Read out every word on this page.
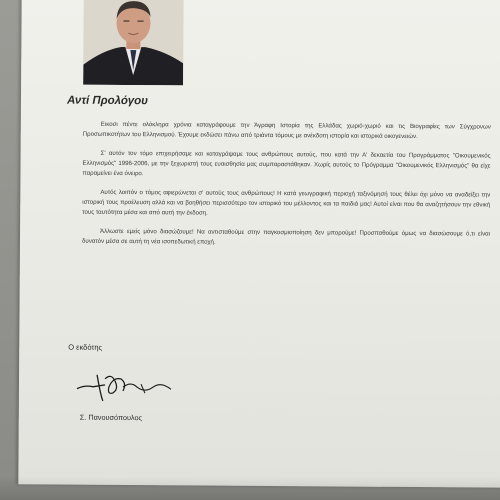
Αντί Προλόγου

Εικοσι πέντε ολόκληρα χρόνια καταγράφουμε την Άγραφη Ιστορία της Ελλάδας χωριό-χωριό και τις Βιογραφίες των Σύγχρονων Προσωπικοτήτων του Ελληνισμού. Έχουμε εκδώσει πάνω από τριάντα τόμους με ανέκδοτη ιστορία και ιστορικά οικογενειών.

Σ' αυτόν τον τόμο επιχειρήσαμε και καταγράψαμε τους ανθρώπους αυτούς, που κατά την Α' δεκαετία του Προγράμματος "Οικουμενικός Ελληνισμός" 1996-2006, με την ξεχωριστή τους ευαισθησία μας συμπαραστάθηκαν. Χωρίς αυτούς το Πρόγραμμα "Οικουμενικός Ελληνισμός" θα είχε παραμείνει ένα όνειρο.

Αυτός λοιπόν ο τόμος αφιερώνεται σ' αυτούς τους ανθρώπους! Η κατά γεωγραφική περιοχή ταξινόμησή τους θέλει όχι μόνο να αναδείξει την ιστορική τους προέλευση αλλά και να βοηθήσει περισσότερο τον ιστορικό του μέλλοντος και τα παιδιά μας! Αυτοί είναι που θα αναζητήσουν την εθνική τους ταυτότητα μέσα και από αυτή την έκδοση.

Άλλωστε εμείς μόνο διασώζουμε! Να αντισταθούμε στην παγκοσμιοποίηση δεν μπορούμε! Προσπαθούμε όμως να διασώσουμε ό,τι είναι δυνατόν μέσα σε αυτή τη νέα ισοπεδωτική εποχή.

Ο εκδότης
Σ. Πανουσόπουλος
